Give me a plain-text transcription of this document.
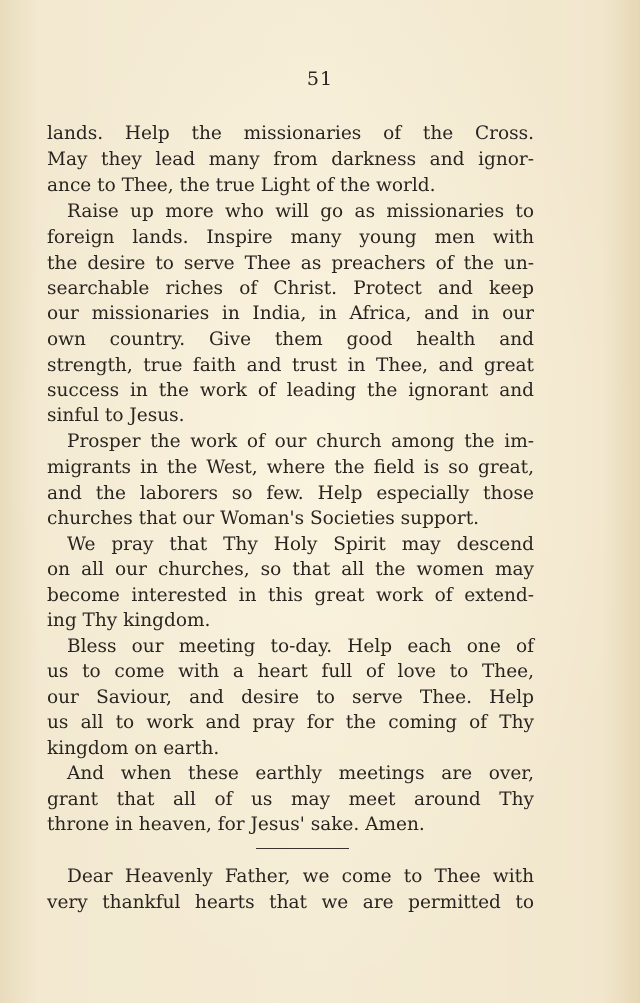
51
lands. Help the missionaries of the Cross.
May they lead many from darkness and ignor-
ance to Thee, the true Light of the world.
Raise up more who will go as missionaries to
foreign lands. Inspire many young men with
the desire to serve Thee as preachers of the un-
searchable riches of Christ. Protect and keep
our missionaries in India, in Africa, and in our
own country. Give them good health and
strength, true faith and trust in Thee, and great
success in the work of leading the ignorant and
sinful to Jesus.
Prosper the work of our church among the im-
migrants in the West, where the field is so great,
and the laborers so few. Help especially those
churches that our Woman's Societies support.
We pray that Thy Holy Spirit may descend
on all our churches, so that all the women may
become interested in this great work of extend-
ing Thy kingdom.
Bless our meeting to-day. Help each one of
us to come with a heart full of love to Thee,
our Saviour, and desire to serve Thee. Help
us all to work and pray for the coming of Thy
kingdom on earth.
And when these earthly meetings are over,
grant that all of us may meet around Thy
throne in heaven, for Jesus' sake. Amen.
Dear Heavenly Father, we come to Thee with
very thankful hearts that we are permitted to
